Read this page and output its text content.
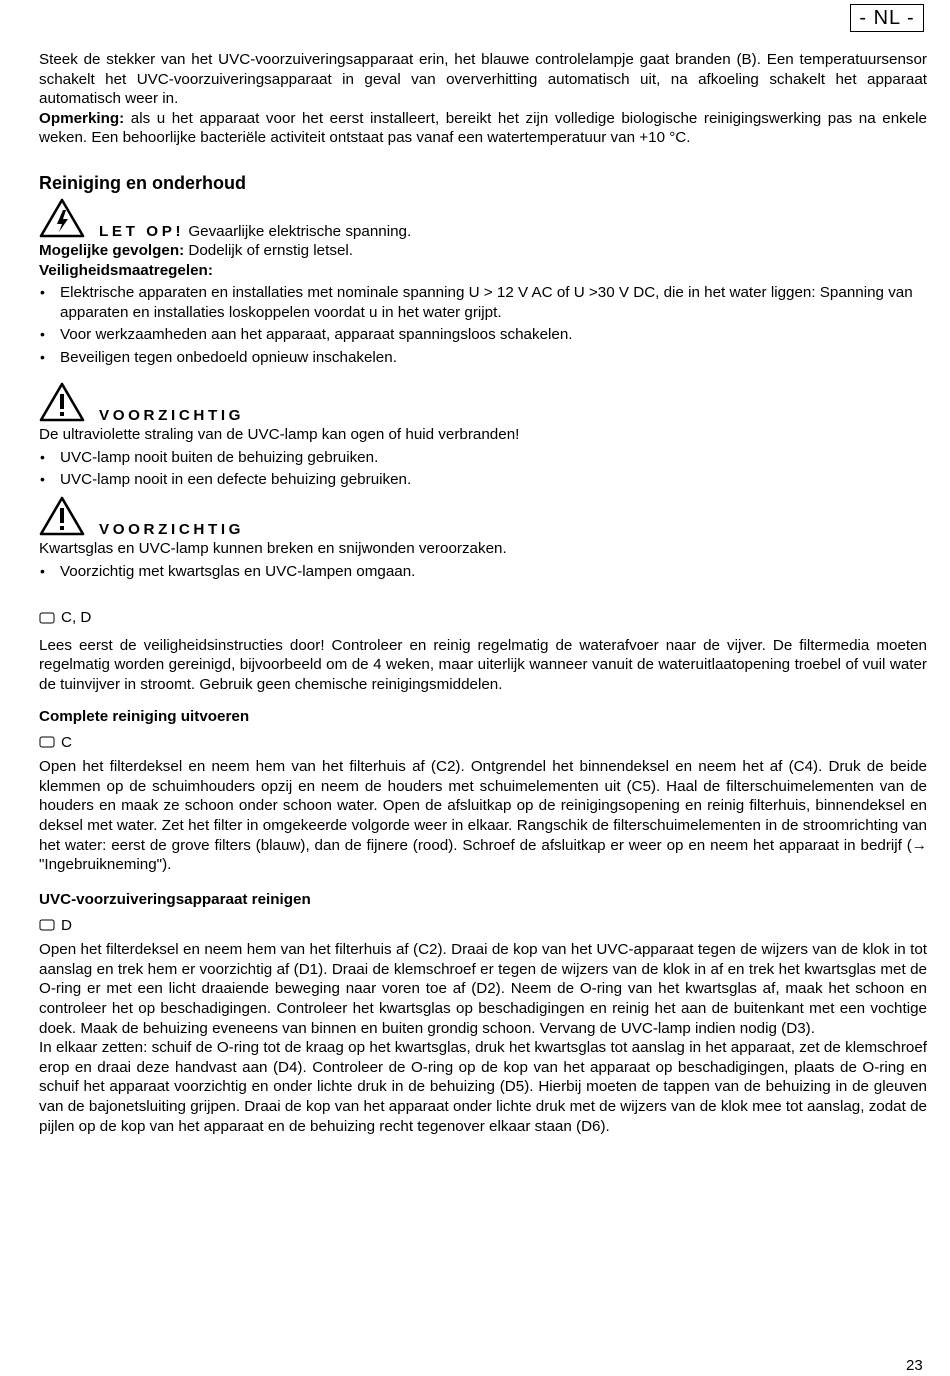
- NL -

Steek de stekker van het UVC-voorzuiveringsapparaat erin, het blauwe controlelampje gaat branden (B). Een temperatuursensor schakelt het UVC-voorzuiveringsapparaat in geval van oververhitting automatisch uit, na afkoeling schakelt het apparaat automatisch weer in.

Opmerking: als u het apparaat voor het eerst installeert, bereikt het zijn volledige biologische reinigingswerking pas na enkele weken. Een behoorlijke bacteriële activiteit ontstaat pas vanaf een watertemperatuur van +10 °C.

Reiniging en onderhoud
LET OP! Gevaarlijke elektrische spanning.

Mogelijke gevolgen: Dodelijk of ernstig letsel.

Veiligheidsmaatregelen:

• Elektrische apparaten en installaties met nominale spanning U > 12 V AC of U >30 V DC, die in het water liggen: Spanning van apparaten en installaties loskoppelen voordat u in het water grijpt.

• Voor werkzaamheden aan het apparaat, apparaat spanningsloos schakelen.

• Beveiligen tegen onbedoeld opnieuw inschakelen.

VOORZICHTIG

De ultraviolette straling van de UVC-lamp kan ogen of huid verbranden!

• UVC-lamp nooit buiten de behuizing gebruiken.

• UVC-lamp nooit in een defecte behuizing gebruiken.

VOORZICHTIG

Kwartsglas en UVC-lamp kunnen breken en snijwonden veroorzaken.

• Voorzichtig met kwartsglas en UVC-lampen omgaan.

C, D

Lees eerst de veiligheidsinstructies door! Controleer en reinig regelmatig de waterafvoer naar de vijver. De filtermedia moeten regelmatig worden gereinigd, bijvoorbeeld om de 4 weken, maar uiterlijk wanneer vanuit de wateruitlaatopening troebel of vuil water de tuinvijver in stroomt. Gebruik geen chemische reinigingsmiddelen.

Complete reiniging uitvoeren

C

Open het filterdeksel en neem hem van het filterhuis af (C2). Ontgrendel het binnendeksel en neem het af (C4). Druk de beide klemmen op de schuimhouders opzij en neem de houders met schuimelementen uit (C5). Haal de filterschuimelementen van de houders en maak ze schoon onder schoon water. Open de afsluitkap op de reinigingsopening en reinig filterhuis, binnendeksel en deksel met water. Zet het filter in omgekeerde volgorde weer in elkaar. Rangschik de filterschuimelementen in de stroomrichting van het water: eerst de grove filters (blauw), dan de fijnere (rood). Schroef de afsluitkap er weer op en neem het apparaat in bedrijf (→ "Ingebruikneming").

UVC-voorzuiveringsapparaat reinigen

D

Open het filterdeksel en neem hem van het filterhuis af (C2). Draai de kop van het UVC-apparaat tegen de wijzers van de klok in tot aanslag en trek hem er voorzichtig af (D1). Draai de klemschroef er tegen de wijzers van de klok in af en trek het kwartsglas met de O-ring er met een licht draaiende beweging naar voren toe af (D2). Neem de O-ring van het kwartsglas af, maak het schoon en controleer het op beschadigingen. Controleer het kwartsglas op beschadigingen en reinig het aan de buitenkant met een vochtige doek. Maak de behuizing eveneens van binnen en buiten grondig schoon. Vervang de UVC-lamp indien nodig (D3).

In elkaar zetten: schuif de O-ring tot de kraag op het kwartsglas, druk het kwartsglas tot aanslag in het apparaat, zet de klemschroef erop en draai deze handvast aan (D4). Controleer de O-ring op de kop van het apparaat op beschadigingen, plaats de O-ring en schuif het apparaat voorzichtig en onder lichte druk in de behuizing (D5). Hierbij moeten de tappen van de behuizing in de gleuven van de bajonetsluiting grijpen. Draai de kop van het apparaat onder lichte druk met de wijzers van de klok mee tot aanslag, zodat de pijlen op de kop van het apparaat en de behuizing recht tegenover elkaar staan (D6).

23
